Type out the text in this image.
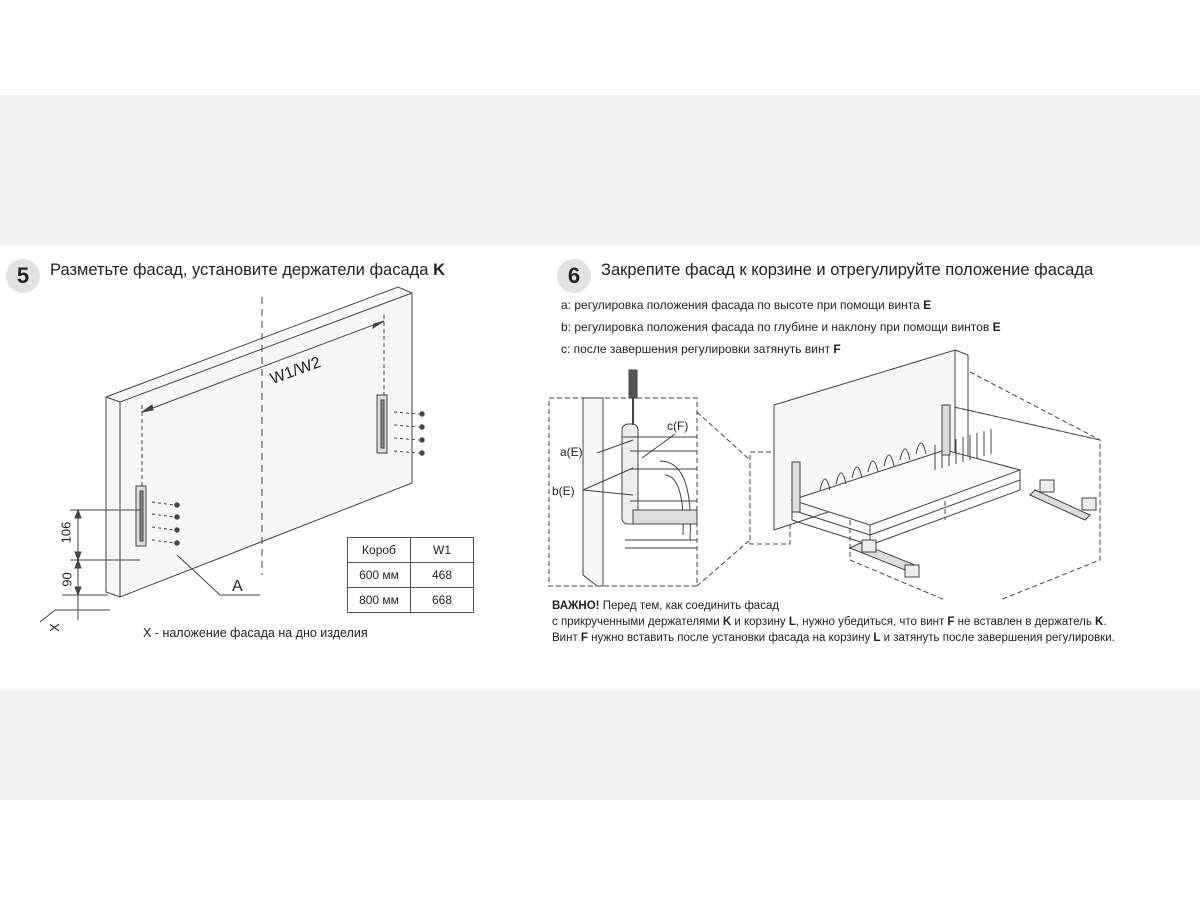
5	Разметьте фасад, установите держатели фасада K
W1/W2
106
90
X
A
X - наложение фасада на дно изделия
Короб	W1
600 мм	468
800 мм	668
6	Закрепите фасад к корзине и отрегулируйте положение фасада
a: регулировка положения фасада по высоте при помощи винта E
b: регулировка положения фасада по глубине и наклону при помощи винтов E
c: после завершения регулировки затянуть винт F
a(E)
b(E)
c(F)
ВАЖНО! Перед тем, как соединить фасад
с прикрученными держателями K и корзину L, нужно убедиться, что винт F не вставлен в держатель K.
Винт F нужно вставить после установки фасада на корзину L и затянуть после завершения регулировки.
